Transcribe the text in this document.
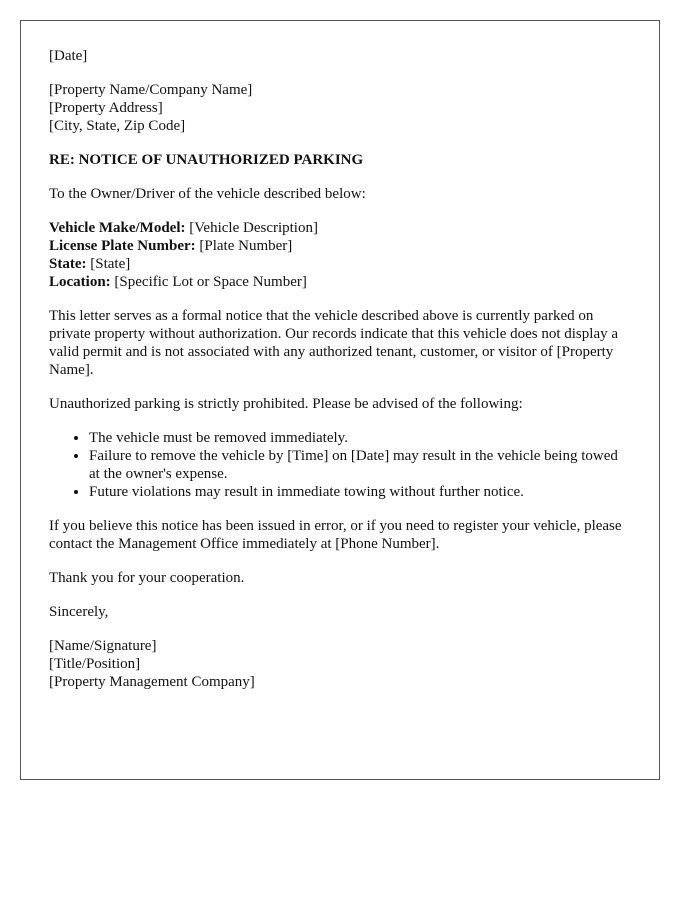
[Date]

[Property Name/Company Name]
[Property Address]
[City, State, Zip Code]

RE: NOTICE OF UNAUTHORIZED PARKING

To the Owner/Driver of the vehicle described below:

Vehicle Make/Model: [Vehicle Description]
License Plate Number: [Plate Number]
State: [State]
Location: [Specific Lot or Space Number]

This letter serves as a formal notice that the vehicle described above is currently parked on private property without authorization. Our records indicate that this vehicle does not display a valid permit and is not associated with any authorized tenant, customer, or visitor of [Property Name].

Unauthorized parking is strictly prohibited. Please be advised of the following:

• The vehicle must be removed immediately.
• Failure to remove the vehicle by [Time] on [Date] may result in the vehicle being towed at the owner's expense.
• Future violations may result in immediate towing without further notice.

If you believe this notice has been issued in error, or if you need to register your vehicle, please contact the Management Office immediately at [Phone Number].

Thank you for your cooperation.

Sincerely,

[Name/Signature]
[Title/Position]
[Property Management Company]
